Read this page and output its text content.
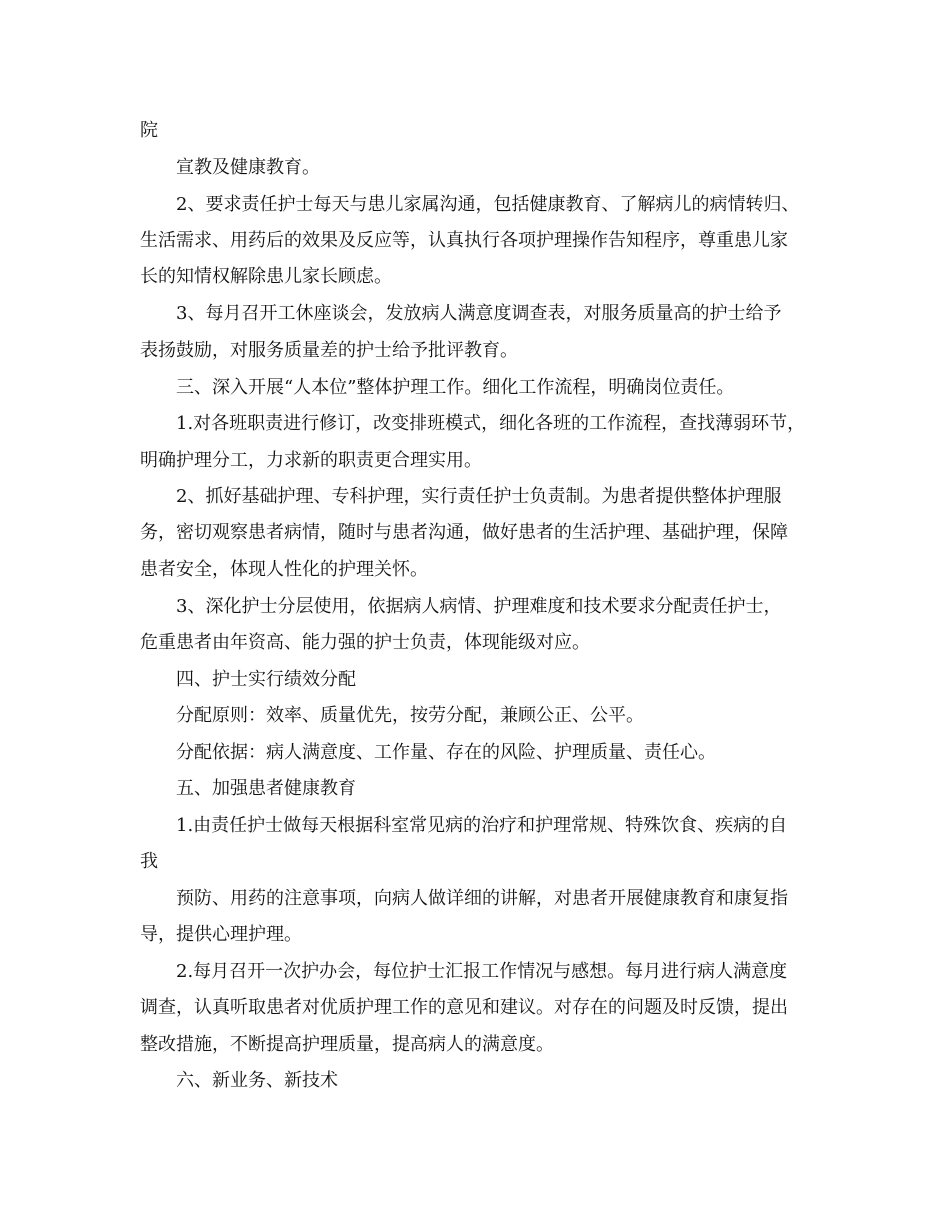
院
宣教及健康教育。
2、要求责任护士每天与患儿家属沟通，包括健康教育、了解病儿的病情转归、
生活需求、用药后的效果及反应等，认真执行各项护理操作告知程序，尊重患儿家
长的知情权解除患儿家长顾虑。
3、每月召开工休座谈会，发放病人满意度调查表，对服务质量高的护士给予
表扬鼓励，对服务质量差的护士给予批评教育。
三、深入开展“人本位”整体护理工作。细化工作流程，明确岗位责任。
1.对各班职责进行修订，改变排班模式，细化各班的工作流程，查找薄弱环节，
明确护理分工，力求新的职责更合理实用。
2、抓好基础护理、专科护理，实行责任护士负责制。为患者提供整体护理服
务，密切观察患者病情，随时与患者沟通，做好患者的生活护理、基础护理，保障
患者安全，体现人性化的护理关怀。
3、深化护士分层使用，依据病人病情、护理难度和技术要求分配责任护士，
危重患者由年资高、能力强的护士负责，体现能级对应。
四、护士实行绩效分配
分配原则：效率、质量优先，按劳分配，兼顾公正、公平。
分配依据：病人满意度、工作量、存在的风险、护理质量、责任心。
五、加强患者健康教育
1.由责任护士做每天根据科室常见病的治疗和护理常规、特殊饮食、疾病的自
我
预防、用药的注意事项，向病人做详细的讲解，对患者开展健康教育和康复指
导，提供心理护理。
2.每月召开一次护办会，每位护士汇报工作情况与感想。每月进行病人满意度
调查，认真听取患者对优质护理工作的意见和建议。对存在的问题及时反馈，提出
整改措施，不断提高护理质量，提高病人的满意度。
六、新业务、新技术
